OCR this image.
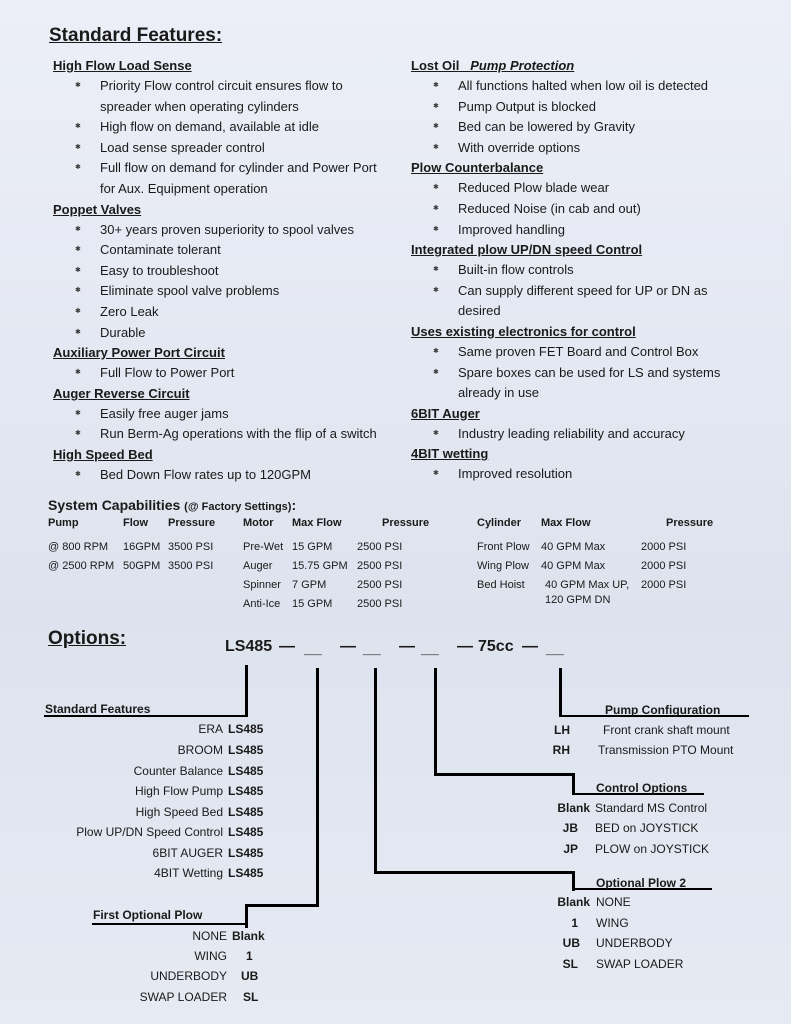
Standard Features:
High Flow Load Sense
✱ Priority Flow control circuit ensures flow to spreader when operating cylinders
✱ High flow on demand, available at idle
✱ Load sense spreader control
✱ Full flow on demand for cylinder and Power Port for Aux. Equipment operation
Poppet Valves
✱ 30+ years proven superiority to spool valves
✱ Contaminate tolerant
✱ Easy to troubleshoot
✱ Eliminate spool valve problems
✱ Zero Leak
✱ Durable
Auxiliary Power Port Circuit
✱ Full Flow to Power Port
Auger Reverse Circuit
✱ Easily free auger jams
✱ Run Berm-Ag operations with the flip of a switch
High Speed Bed
✱ Bed Down Flow rates up to 120GPM
Lost Oil Pump Protection
✱ All functions halted when low oil is detected
✱ Pump Output is blocked
✱ Bed can be lowered by Gravity
✱ With override options
Plow Counterbalance
✱ Reduced Plow blade wear
✱ Reduced Noise (in cab and out)
✱ Improved handling
Integrated plow UP/DN speed Control
✱ Built-in flow controls
✱ Can supply different speed for UP or DN as desired
Uses existing electronics for control
✱ Same proven FET Board and Control Box
✱ Spare boxes can be used for LS and systems already in use
6BIT Auger
✱ Industry leading reliability and accuracy
4BIT wetting
✱ Improved resolution
System Capabilities (@ Factory Settings):
Pump	Flow Pressure
@ 800 RPM 16GPM 3500 PSI
@ 2500 RPM 50GPM 3500 PSI
Motor Max Flow	Pressure
Pre-Wet 15 GPM 2500 PSI
Auger 15.75 GPM 2500 PSI
Spinner 7 GPM	2500 PSI
Anti-Ice 15 GPM 2500 PSI
Cylinder Max Flow	Pressure
Front Plow 40 GPM Max	2000 PSI
Wing Plow 40 GPM Max	2000 PSI
Bed Hoist 40 GPM Max UP, 120 GPM DN
2000 PSI
Options:	LS485 — __ — __ — __ — 75cc — __
Standard Features
ERA LS485
BROOM LS485
Counter Balance LS485
High Flow Pump LS485
High Speed Bed LS485
Plow UP/DN Speed Control LS485
6BIT AUGER LS485
4BIT Wetting LS485
First Optional Plow
NONE Blank
WING 1
UNDERBODY UB
SWAP LOADER SL
Pump Configuration
LH	Front crank shaft mount
RH Transmission PTO Mount
Control Options
Blank Standard MS Control
JB BED on JOYSTICK
JP PLOW on JOYSTICK
Optional Plow 2
Blank NONE
1 WING
UB UNDERBODY
SL SWAP LOADER
